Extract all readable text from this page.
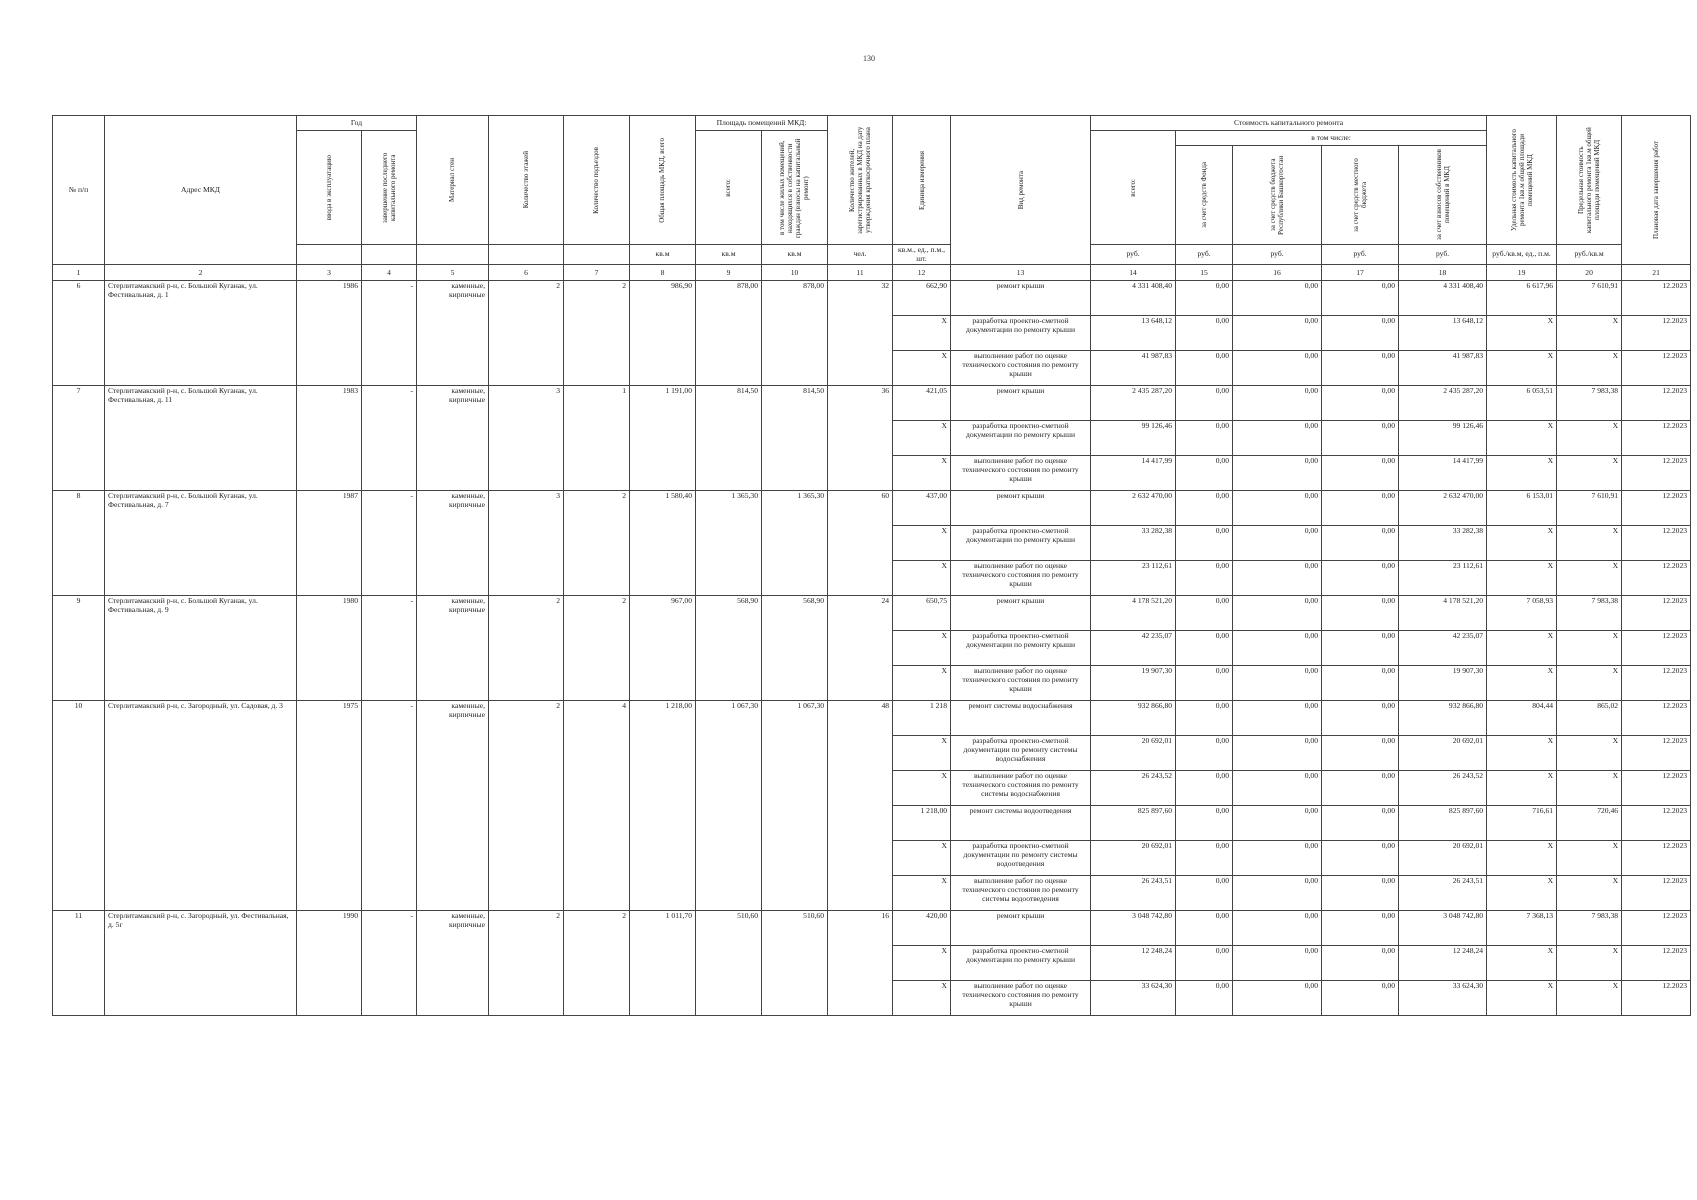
130
№ п/п	Адрес МКД	Год		Материал стен	Количество этажей	Количество подъездов	Общая площадь МКД, всего	Площадь помещений МКД:		Количество жителей, зарегистрированных в МКД на дату утверждения краткосрочного плана	Единица измерения	Вид ремонта	Стоимость капитального ремонта					Удельная стоимость капитального ремонта 1кв.м общей площади помещений МКД	Предельная стоимость капитального ремонта 1кв.м общей площади помещений МКД	Плановая дата завершения работ

		ввода в эксплуатацию	завершение последнего капитального ремонта					всего:	в том числе жилых помещений, находящихся в собственности граждан (взносы на капитальный ремонт)				всего:	в том числе:						

														за счет средств Фонда	за счет средств бюджета Республики Башкортостан	за счет средств местного бюджета	за счет взносов собственников помещений в МКД			

							кв.м	кв.м	кв.м	чел.	кв.м., ед., п.м., шт.		руб.	руб.	руб.	руб.	руб.	руб./кв.м, ед., п.м.	руб./кв.м	
1	2	3	4	5	6	7	8	9	10	11	12	13	14	15	16	17	18	19	20	21
6	Стерлитамакский р-н, с. Большой Куганак, ул. Фестивальная, д. 1	1986	-	каменные, кирпичные	2	2	986,90	878,00	878,00	32	662,90	ремонт крыши	4 331 408,40	0,00	0,00	0,00	4 331 408,40	6 617,96	7 610,91	12.2023
											X	разработка проектно-сметной документации по ремонту крыши	13 648,12	0,00	0,00	0,00	13 648,12	X	X	12.2023
											X	выполнение работ по оценке технического состояния по ремонту крыши	41 987,83	0,00	0,00	0,00	41 987,83	X	X	12.2023
7	Стерлитамакский р-н, с. Большой Куганак, ул. Фестивальная, д. 11	1983	-	каменные, кирпичные	3	1	1 191,00	814,50	814,50	36	421,05	ремонт крыши	2 435 287,20	0,00	0,00	0,00	2 435 287,20	6 053,51	7 983,38	12.2023
											X	разработка проектно-сметной документации по ремонту крыши	99 126,46	0,00	0,00	0,00	99 126,46	X	X	12.2023
											X	выполнение работ по оценке технического состояния по ремонту крыши	14 417,99	0,00	0,00	0,00	14 417,99	X	X	12.2023
8	Стерлитамакский р-н, с. Большой Куганак, ул. Фестивальная, д. 7	1987	-	каменные, кирпичные	3	2	1 580,40	1 365,30	1 365,30	60	437,00	ремонт крыши	2 632 470,00	0,00	0,00	0,00	2 632 470,00	6 153,01	7 610,91	12.2023
											X	разработка проектно-сметной документации по ремонту крыши	33 282,38	0,00	0,00	0,00	33 282,38	X	X	12.2023
											X	выполнение работ по оценке технического состояния по ремонту крыши	23 112,61	0,00	0,00	0,00	23 112,61	X	X	12.2023
9	Стерлитамакский р-н, с. Большой Куганак, ул. Фестивальная, д. 9	1980	-	каменные, кирпичные	2	2	967,00	568,90	568,90	24	650,75	ремонт крыши	4 178 521,20	0,00	0,00	0,00	4 178 521,20	7 058,93	7 983,38	12.2023
											X	разработка проектно-сметной документации по ремонту крыши	42 235,07	0,00	0,00	0,00	42 235,07	X	X	12.2023
											X	выполнение работ по оценке технического состояния по ремонту крыши	19 907,30	0,00	0,00	0,00	19 907,30	X	X	12.2023
10	Стерлитамакский р-н, с. Загородный, ул. Садовая, д. 3	1975	-	каменные, кирпичные	2	4	1 218,00	1 067,30	1 067,30	48	1 218	ремонт системы водоснабжения	932 866,80	0,00	0,00	0,00	932 866,80	804,44	865,02	12.2023
											X	разработка проектно-сметной документации по ремонту системы водоснабжения	20 692,01	0,00	0,00	0,00	20 692,01	X	X	12.2023
											X	выполнение работ по оценке технического состояния по ремонту системы водоснабжения	26 243,52	0,00	0,00	0,00	26 243,52	X	X	12.2023
											1 218,00	ремонт системы водоотведения	825 897,60	0,00	0,00	0,00	825 897,60	716,61	720,46	12.2023
											X	разработка проектно-сметной документации по ремонту системы водоотведения	20 692,01	0,00	0,00	0,00	20 692,01	X	X	12.2023
											X	выполнение работ по оценке технического состояния по ремонту системы водоотведения	26 243,51	0,00	0,00	0,00	26 243,51	X	X	12.2023
11	Стерлитамакский р-н, с. Загородный, ул. Фестивальная, д. 5г	1990	-	каменные, кирпичные	2	2	1 011,70	510,60	510,60	16	420,00	ремонт крыши	3 048 742,80	0,00	0,00	0,00	3 048 742,80	7 368,13	7 983,38	12.2023
											X	разработка проектно-сметной документации по ремонту крыши	12 248,24	0,00	0,00	0,00	12 248,24	X	X	12.2023
											X	выполнение работ по оценке технического состояния по ремонту крыши	33 624,30	0,00	0,00	0,00	33 624,30	X	X	12.2023
